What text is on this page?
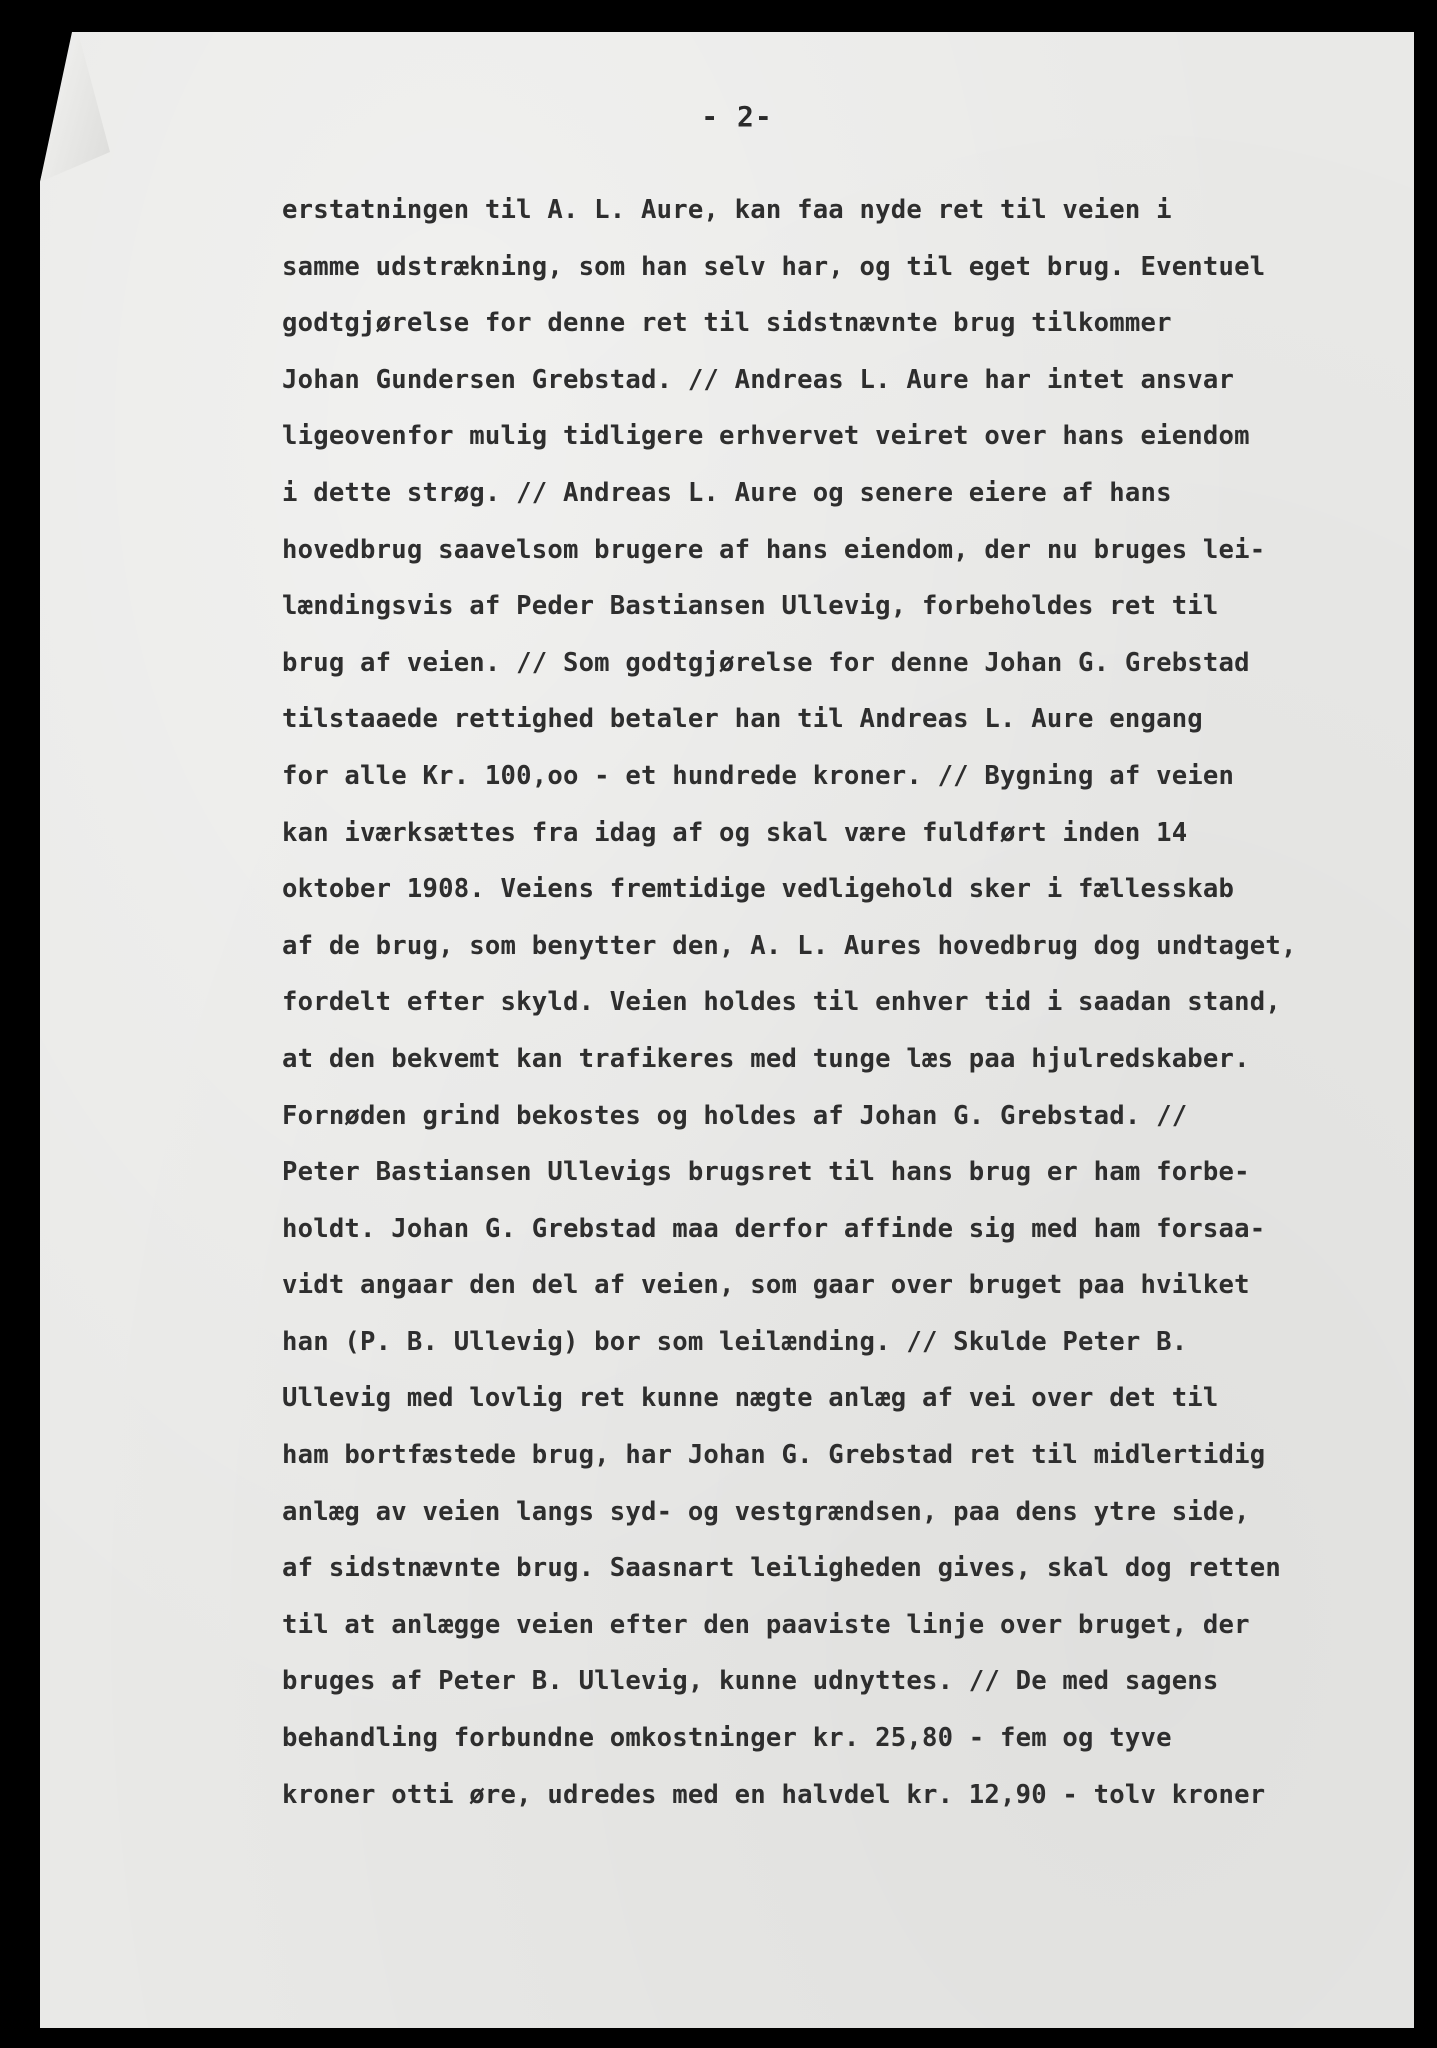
- 2-
erstatningen til A. L. Aure, kan faa nyde ret til veien i
samme udstrækning, som han selv har, og til eget brug. Eventuel
godtgjørelse for denne ret til sidstnævnte brug tilkommer
Johan Gundersen Grebstad. // Andreas L. Aure har intet ansvar
ligeovenfor mulig tidligere erhvervet veiret over hans eiendom
i dette strøg. // Andreas L. Aure og senere eiere af hans
hovedbrug saavelsom brugere af hans eiendom, der nu bruges lei-
lændingsvis af Peder Bastiansen Ullevig, forbeholdes ret til
brug af veien. // Som godtgjørelse for denne Johan G. Grebstad
tilstaaede rettighed betaler han til Andreas L. Aure engang
for alle Kr. 100,oo - et hundrede kroner. // Bygning af veien
kan iværksættes fra idag af og skal være fuldført inden 14
oktober 1908. Veiens fremtidige vedligehold sker i fællesskab
af de brug, som benytter den, A. L. Aures hovedbrug dog undtaget,
fordelt efter skyld. Veien holdes til enhver tid i saadan stand,
at den bekvemt kan trafikeres med tunge læs paa hjulredskaber.
Fornøden grind bekostes og holdes af Johan G. Grebstad. //
Peter Bastiansen Ullevigs brugsret til hans brug er ham forbe-
holdt. Johan G. Grebstad maa derfor affinde sig med ham forsaa-
vidt angaar den del af veien, som gaar over bruget paa hvilket
han (P. B. Ullevig) bor som leilænding. // Skulde Peter B.
Ullevig med lovlig ret kunne nægte anlæg af vei over det til
ham bortfæstede brug, har Johan G. Grebstad ret til midlertidig
anlæg av veien langs syd- og vestgrændsen, paa dens ytre side,
af sidstnævnte brug. Saasnart leiligheden gives, skal dog retten
til at anlægge veien efter den paaviste linje over bruget, der
bruges af Peter B. Ullevig, kunne udnyttes. // De med sagens
behandling forbundne omkostninger kr. 25,80 - fem og tyve
kroner otti øre, udredes med en halvdel kr. 12,90 - tolv kroner
